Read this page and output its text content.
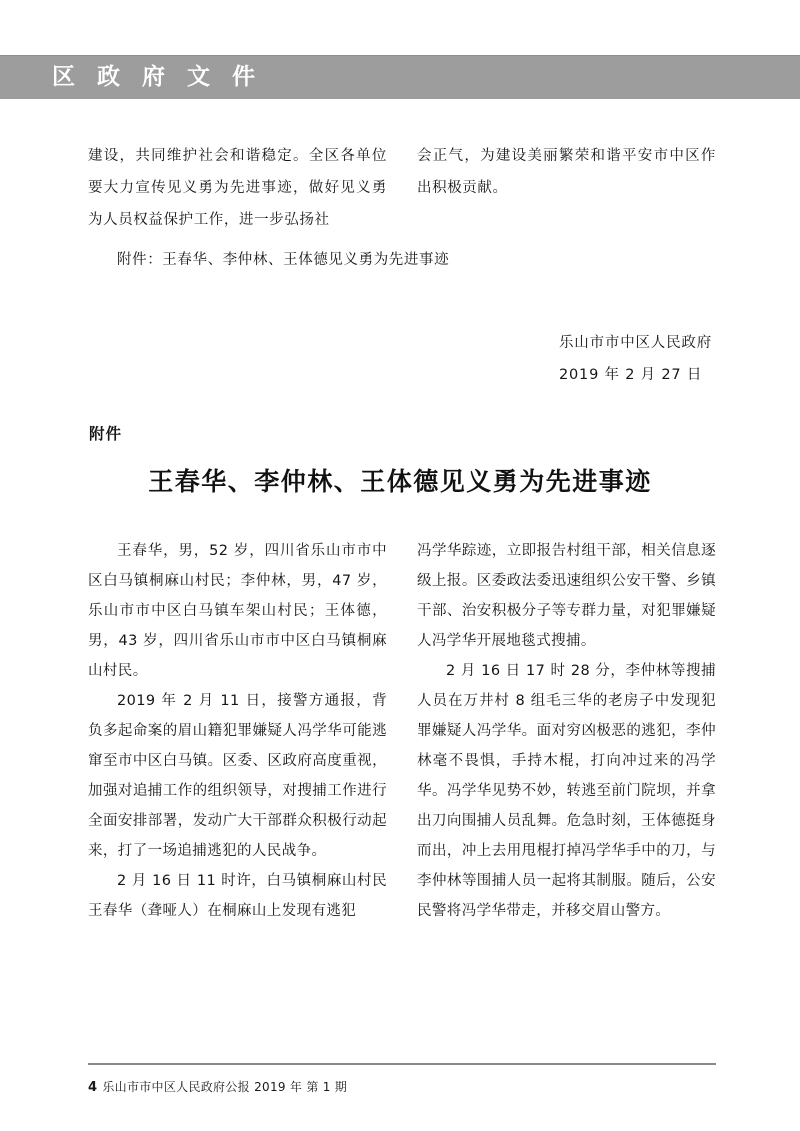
区 政 府 文 件

建设，共同维护社会和谐稳定。全区各单位要大力宣传见义勇为先进事迹，做好见义勇为人员权益保护工作，进一步弘扬社

会正气，为建设美丽繁荣和谐平安市中区作出积极贡献。

附件：王春华、李仲林、王体德见义勇为先进事迹
乐山市市中区人民政府
2019 年 2 月 27 日
附件
王春华、李仲林、王体德见义勇为先进事迹

王春华，男，52 岁，四川省乐山市市中区白马镇桐麻山村民；李仲林，男，47 岁，乐山市市中区白马镇车架山村民；王体德，男，43 岁，四川省乐山市市中区白马镇桐麻山村民。

2019 年 2 月 11 日，接警方通报，背负多起命案的眉山籍犯罪嫌疑人冯学华可能逃窜至市中区白马镇。区委、区政府高度重视，加强对追捕工作的组织领导，对搜捕工作进行全面安排部署，发动广大干部群众积极行动起来，打了一场追捕逃犯的人民战争。

2 月 16 日 11 时许，白马镇桐麻山村民王春华（聋哑人）在桐麻山上发现有逃犯

冯学华踪迹，立即报告村组干部，相关信息逐级上报。区委政法委迅速组织公安干警、乡镇干部、治安积极分子等专群力量，对犯罪嫌疑人冯学华开展地毯式搜捕。

2 月 16 日 17 时 28 分，李仲林等搜捕人员在万井村 8 组毛三华的老房子中发现犯罪嫌疑人冯学华。面对穷凶极恶的逃犯，李仲林毫不畏惧，手持木棍，打向冲过来的冯学华。冯学华见势不妙，转逃至前门院坝，并拿出刀向围捕人员乱舞。危急时刻，王体德挺身而出，冲上去用甩棍打掉冯学华手中的刀，与李仲林等围捕人员一起将其制服。随后，公安民警将冯学华带走，并移交眉山警方。

4 乐山市市中区人民政府公报 2019 年 第 1 期
